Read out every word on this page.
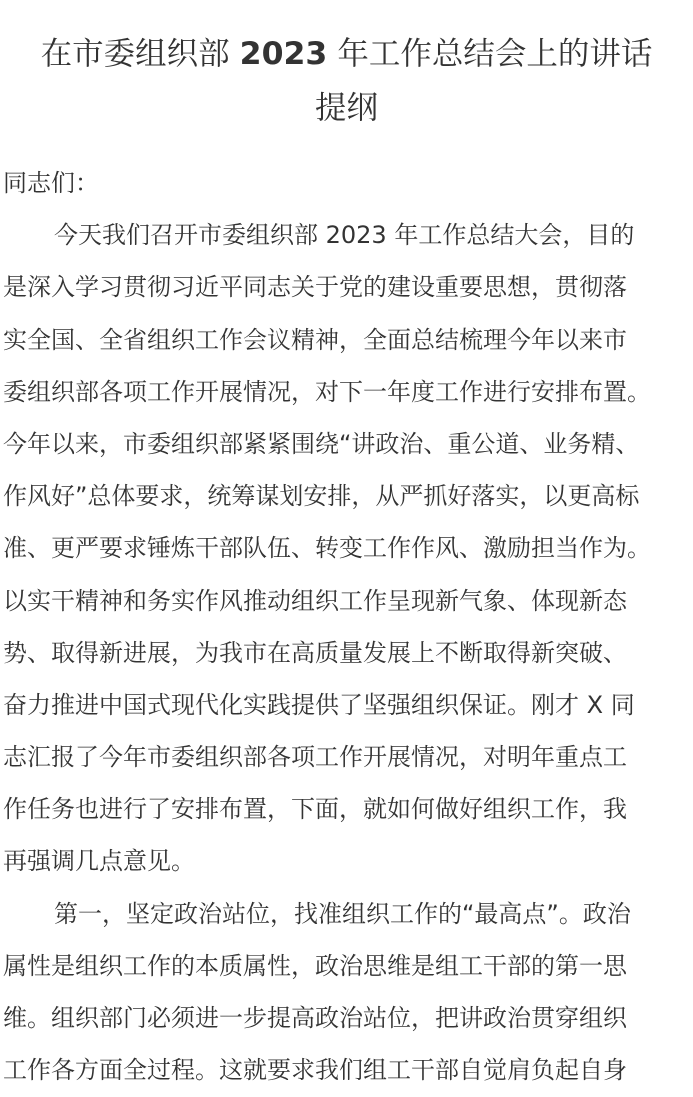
在市委组织部 2023 年工作总结会上的讲话
提纲
同志们：
今天我们召开市委组织部 2023 年工作总结大会，目的
是深入学习贯彻习近平同志关于党的建设重要思想，贯彻落
实全国、全省组织工作会议精神，全面总结梳理今年以来市
委组织部各项工作开展情况，对下一年度工作进行安排布置。
今年以来，市委组织部紧紧围绕“讲政治、重公道、业务精、
作风好”总体要求，统筹谋划安排，从严抓好落实，以更高标
准、更严要求锤炼干部队伍、转变工作作风、激励担当作为。
以实干精神和务实作风推动组织工作呈现新气象、体现新态
势、取得新进展，为我市在高质量发展上不断取得新突破、
奋力推进中国式现代化实践提供了坚强组织保证。刚才 X 同
志汇报了今年市委组织部各项工作开展情况，对明年重点工
作任务也进行了安排布置，下面，就如何做好组织工作，我
再强调几点意见。
第一，坚定政治站位，找准组织工作的“最高点”。政治
属性是组织工作的本质属性，政治思维是组工干部的第一思
维。组织部门必须进一步提高政治站位，把讲政治贯穿组织
工作各方面全过程。这就要求我们组工干部自觉肩负起自身
